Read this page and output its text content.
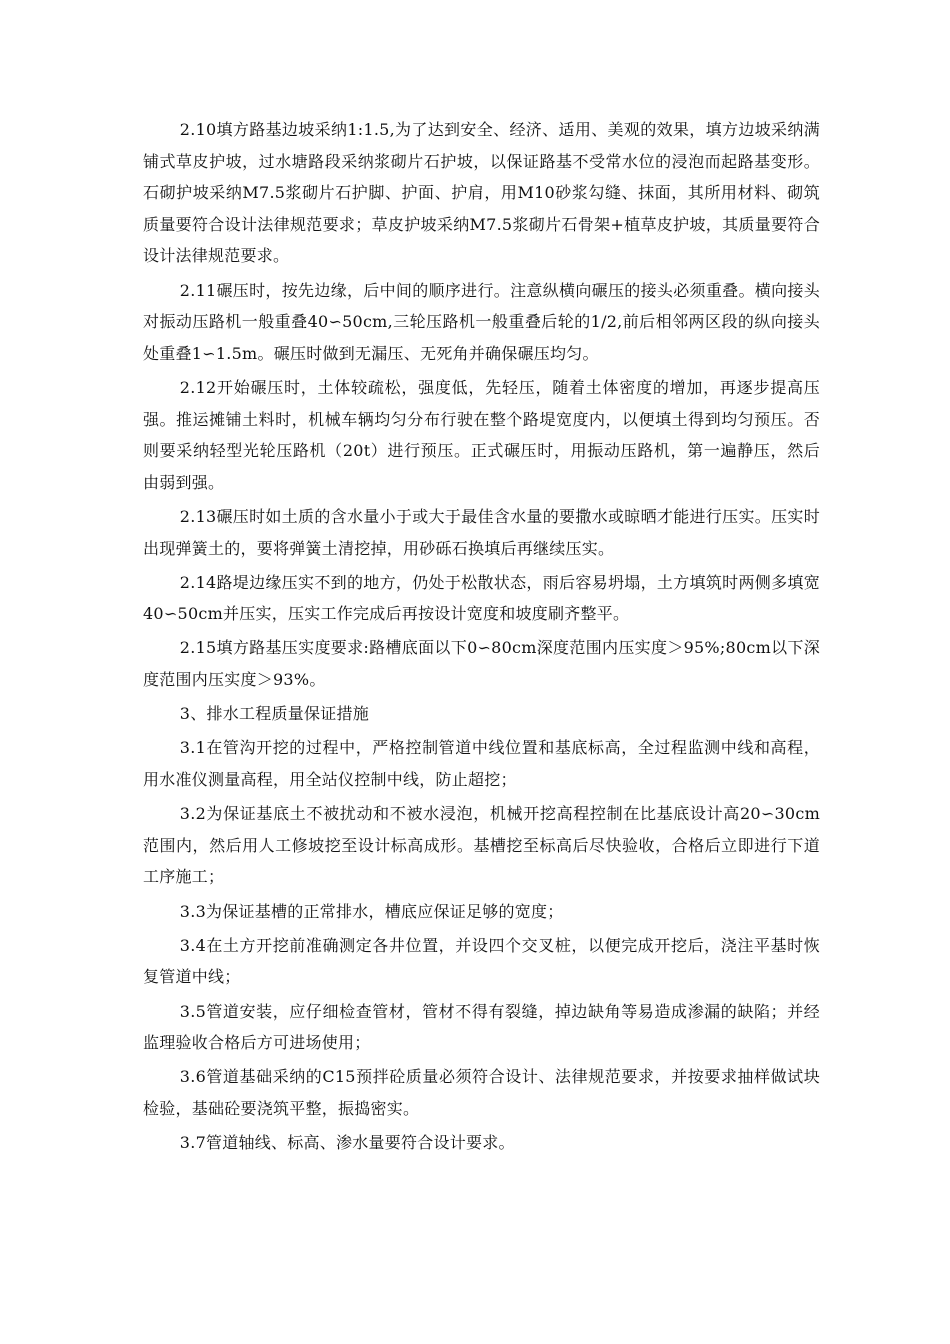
2.10填方路基边坡采纳1:1.5,为了达到安全、经济、适用、美观的效果，填方边坡采纳满铺式草皮护坡，过水塘路段采纳浆砌片石护坡，以保证路基不受常水位的浸泡而起路基变形。石砌护坡采纳M7.5浆砌片石护脚、护面、护肩，用M10砂浆勾缝、抹面，其所用材料、砌筑质量要符合设计法律规范要求；草皮护坡采纳M7.5浆砌片石骨架+植草皮护坡，其质量要符合设计法律规范要求。

2.11碾压时，按先边缘，后中间的顺序进行。注意纵横向碾压的接头必须重叠。横向接头对振动压路机一般重叠40∽50cm,三轮压路机一般重叠后轮的1/2,前后相邻两区段的纵向接头处重叠1∽1.5m。碾压时做到无漏压、无死角并确保碾压均匀。

2.12开始碾压时，土体较疏松，强度低，先轻压，随着土体密度的增加，再逐步提高压强。推运摊铺土料时，机械车辆均匀分布行驶在整个路堤宽度内，以便填土得到均匀预压。否则要采纳轻型光轮压路机（20t）进行预压。正式碾压时，用振动压路机，第一遍静压，然后由弱到强。

2.13碾压时如土质的含水量小于或大于最佳含水量的要撒水或晾晒才能进行压实。压实时出现弹簧土的，要将弹簧土清挖掉，用砂砾石换填后再继续压实。

2.14路堤边缘压实不到的地方，仍处于松散状态，雨后容易坍塌，土方填筑时两侧多填宽40∽50cm并压实，压实工作完成后再按设计宽度和坡度刷齐整平。

2.15填方路基压实度要求:路槽底面以下0∽80cm深度范围内压实度＞95%;80cm以下深度范围内压实度＞93%。

3、排水工程质量保证措施

3.1在管沟开挖的过程中，严格控制管道中线位置和基底标高，全过程监测中线和高程，用水准仪测量高程，用全站仪控制中线，防止超挖；

3.2为保证基底土不被扰动和不被水浸泡，机械开挖高程控制在比基底设计高20∽30cm范围内，然后用人工修坡挖至设计标高成形。基槽挖至标高后尽快验收，合格后立即进行下道工序施工；

3.3为保证基槽的正常排水，槽底应保证足够的宽度；

3.4在土方开挖前准确测定各井位置，并设四个交叉桩，以便完成开挖后，浇注平基时恢复管道中线；

3.5管道安装，应仔细检查管材，管材不得有裂缝，掉边缺角等易造成渗漏的缺陷；并经监理验收合格后方可进场使用；

3.6管道基础采纳的C15预拌砼质量必须符合设计、法律规范要求，并按要求抽样做试块检验，基础砼要浇筑平整，振捣密实。

3.7管道轴线、标高、渗水量要符合设计要求。
